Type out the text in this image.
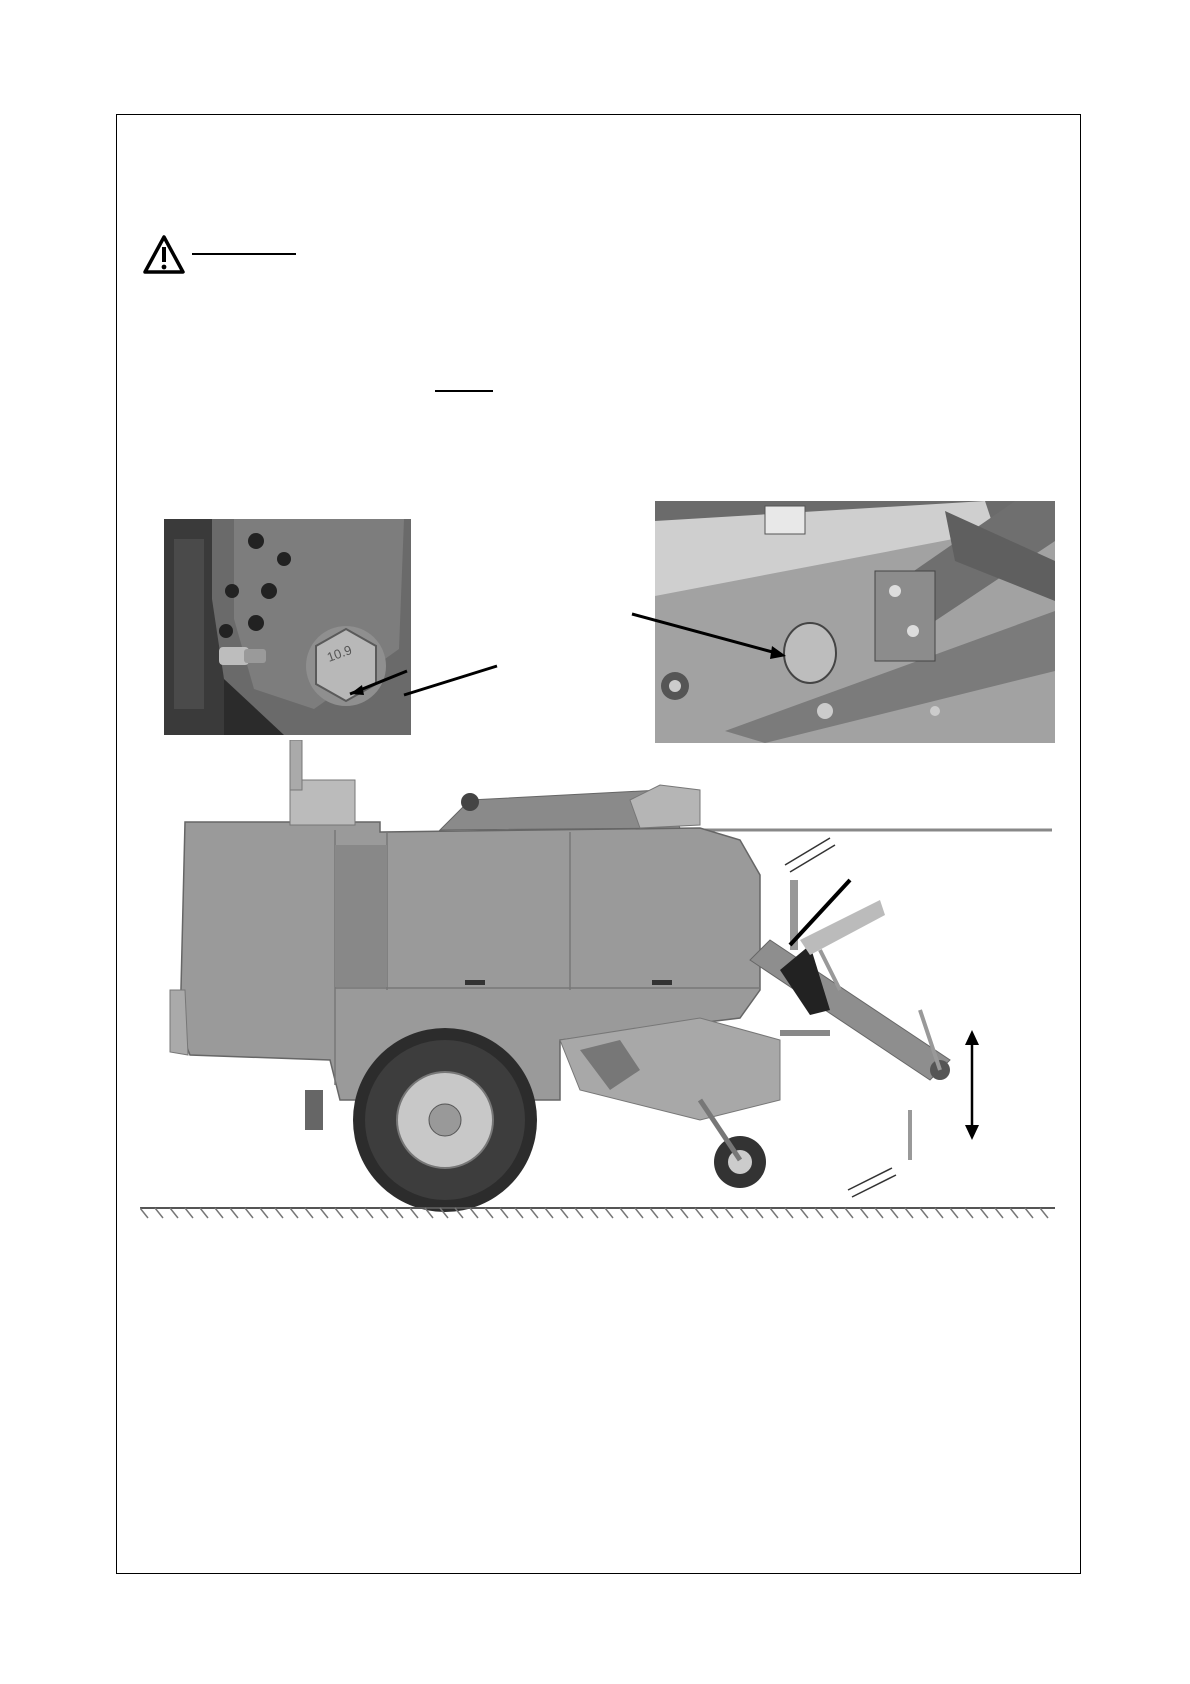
10.9
